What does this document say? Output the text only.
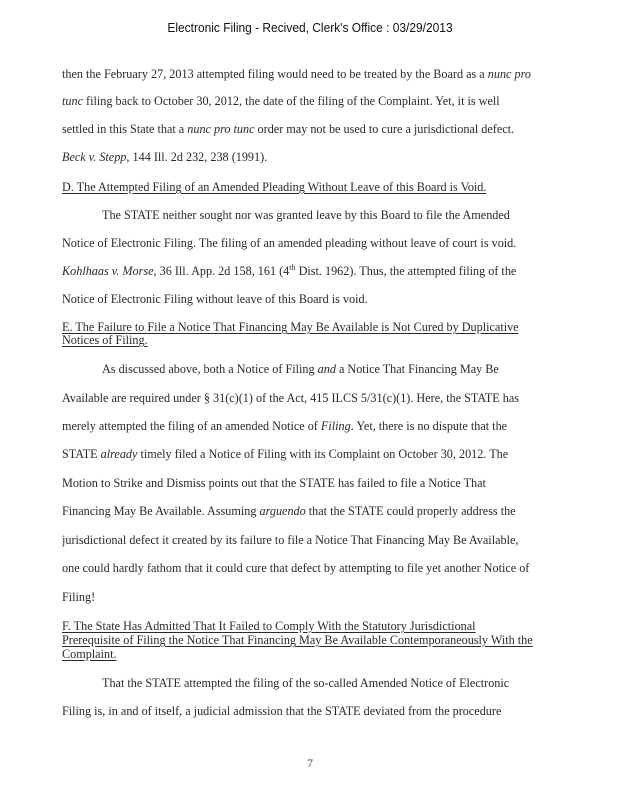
Electronic Filing - Recived, Clerk's Office : 03/29/2013
then the February 27, 2013 attempted filing would need to be treated by the Board as a nunc pro
tunc filing back to October 30, 2012, the date of the filing of the Complaint. Yet, it is well
settled in this State that a nunc pro tunc order may not be used to cure a jurisdictional defect.
Beck v. Stepp, 144 Ill. 2d 232, 238 (1991).
D. The Attempted Filing of an Amended Pleading Without Leave of this Board is Void.
The STATE neither sought nor was granted leave by this Board to file the Amended
Notice of Electronic Filing. The filing of an amended pleading without leave of court is void.
Kohlhaas v. Morse, 36 Ill. App. 2d 158, 161 (4th Dist. 1962). Thus, the attempted filing of the
Notice of Electronic Filing without leave of this Board is void.
E. The Failure to File a Notice That Financing May Be Available is Not Cured by Duplicative
Notices of Filing.
As discussed above, both a Notice of Filing and a Notice That Financing May Be
Available are required under § 31(c)(1) of the Act, 415 ILCS 5/31(c)(1). Here, the STATE has
merely attempted the filing of an amended Notice of Filing. Yet, there is no dispute that the
STATE already timely filed a Notice of Filing with its Complaint on October 30, 2012. The
Motion to Strike and Dismiss points out that the STATE has failed to file a Notice That
Financing May Be Available. Assuming arguendo that the STATE could properly address the
jurisdictional defect it created by its failure to file a Notice That Financing May Be Available,
one could hardly fathom that it could cure that defect by attempting to file yet another Notice of
Filing!
F. The State Has Admitted That It Failed to Comply With the Statutory Jurisdictional
Prerequisite of Filing the Notice That Financing May Be Available Contemporaneously With the
Complaint.
That the STATE attempted the filing of the so-called Amended Notice of Electronic
Filing is, in and of itself, a judicial admission that the STATE deviated from the procedure
7
